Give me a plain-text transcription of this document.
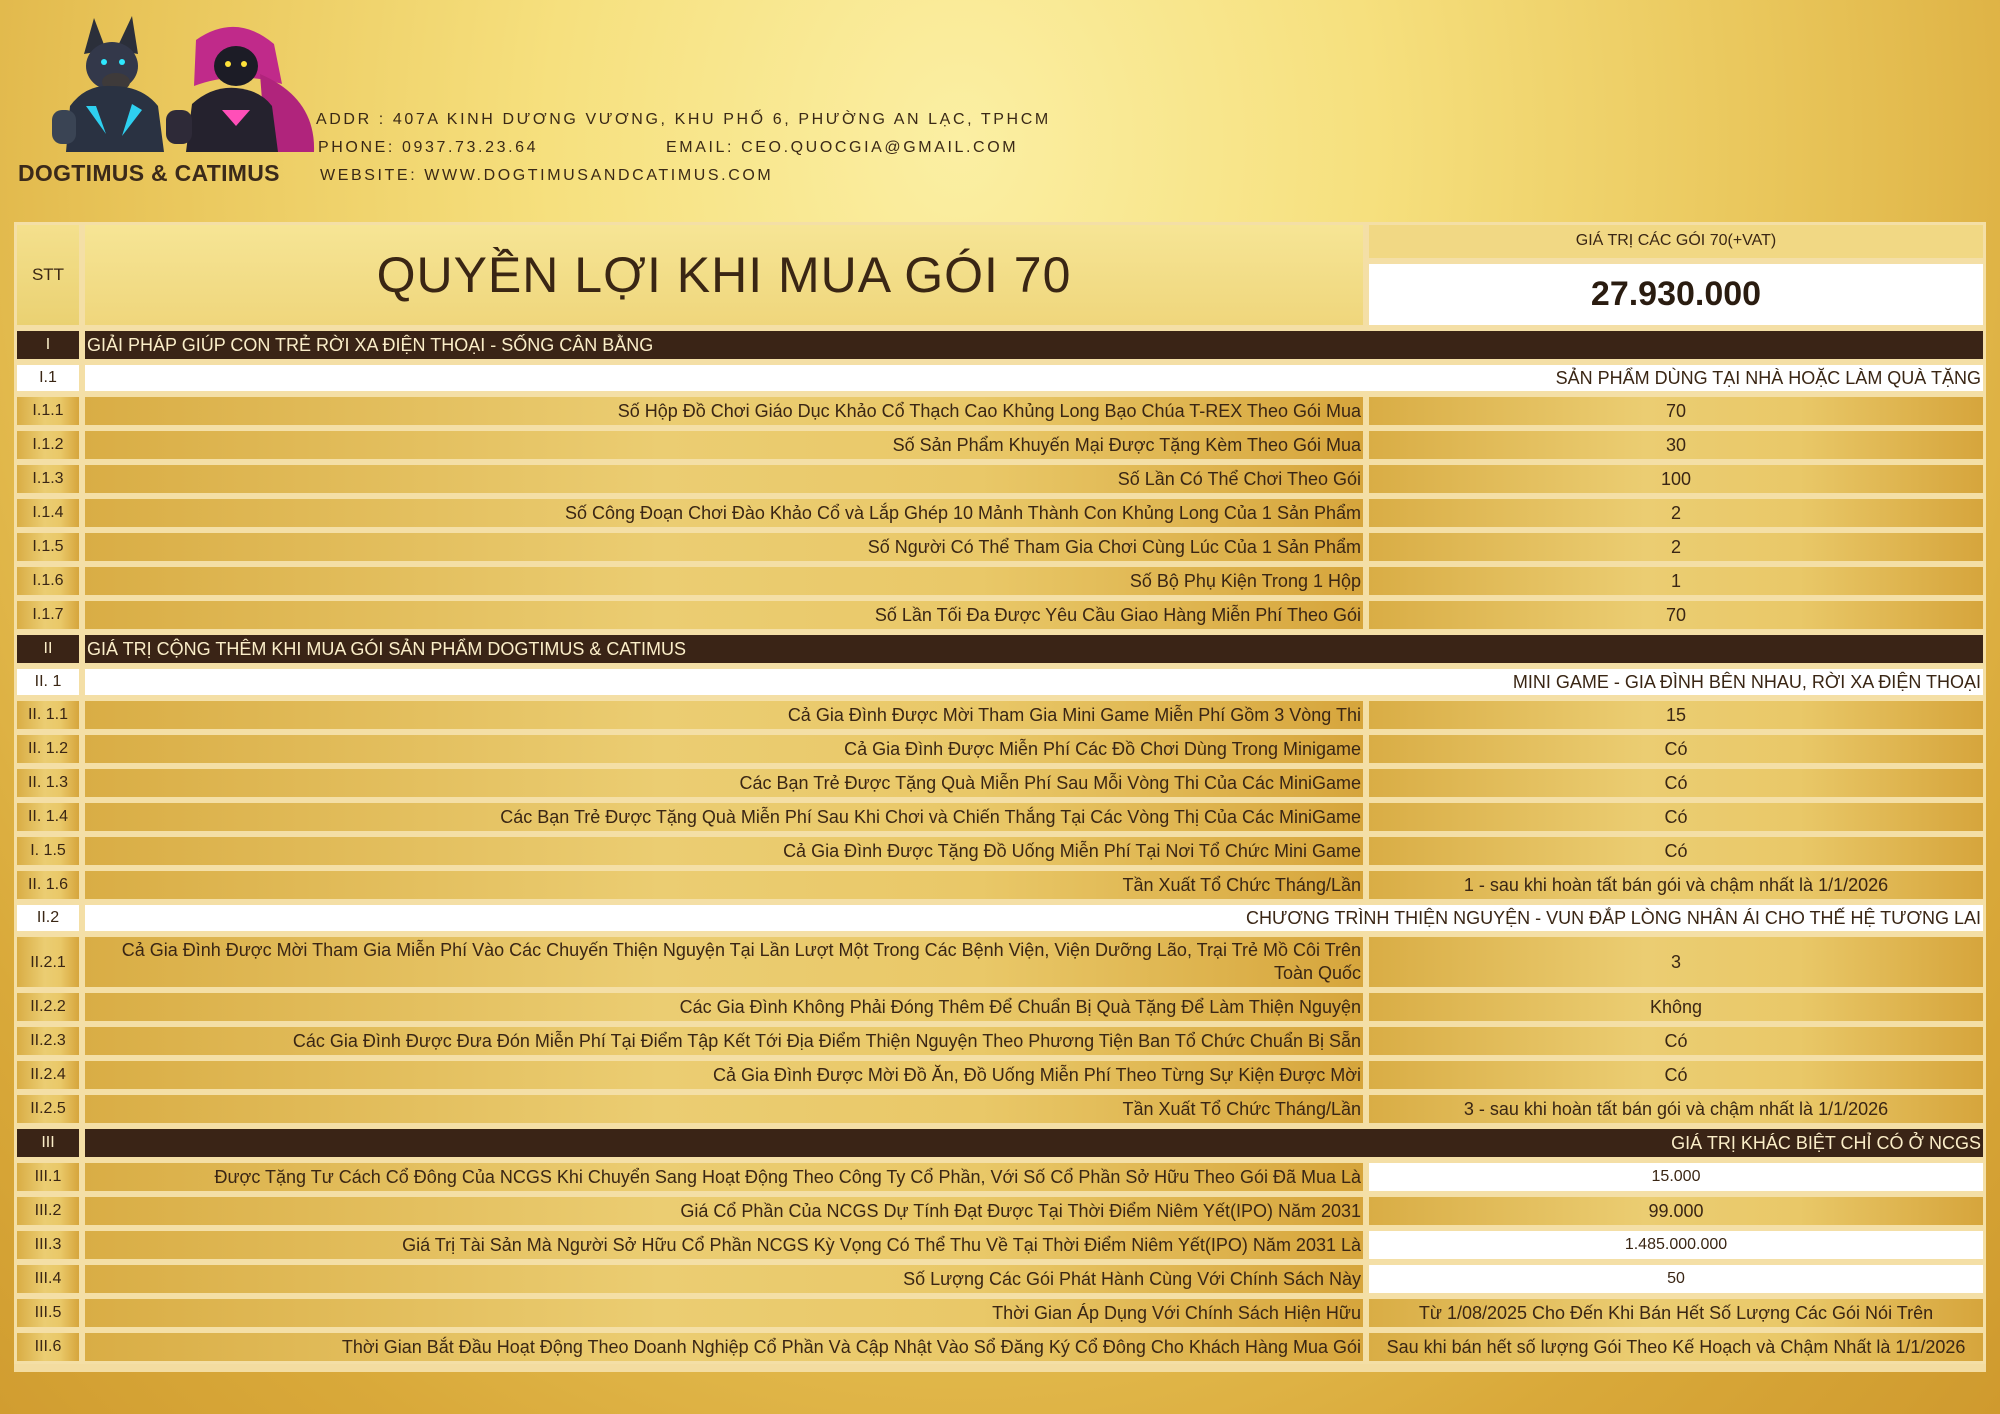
DOGTIMUS & CATIMUS
ADDR : 407A KINH DƯƠNG VƯƠNG, KHU PHỐ 6, PHƯỜNG AN LẠC, TPHCM
PHONE: 0937.73.23.64	EMAIL: CEO.QUOCGIA@GMAIL.COM
WEBSITE: WWW.DOGTIMUSANDCATIMUS.COM
STT	QUYỀN LỢI KHI MUA GÓI 70	GIÁ TRỊ CÁC GÓI 70(+VAT)
		27.930.000
I	GIẢI PHÁP GIÚP CON TRẺ RỜI XA ĐIỆN THOẠI - SỐNG CÂN BẰNG	
I.1	SẢN PHẨM DÙNG TẠI NHÀ HOẶC LÀM QUÀ TẶNG	
I.1.1	Số Hộp Đồ Chơi Giáo Dục Khảo Cổ Thạch Cao Khủng Long Bạo Chúa T-REX Theo Gói Mua	70
I.1.2	Số Sản Phẩm Khuyến Mại Được Tặng Kèm Theo Gói Mua	30
I.1.3	Số Lần Có Thể Chơi Theo Gói	100
I.1.4	Số Công Đoạn Chơi Đào Khảo Cổ và Lắp Ghép 10 Mảnh Thành Con Khủng Long Của 1 Sản Phẩm	2
I.1.5	Số Người Có Thể Tham Gia Chơi Cùng Lúc Của 1 Sản Phẩm	2
I.1.6	Số Bộ Phụ Kiện Trong 1 Hộp	1
I.1.7	Số Lần Tối Đa Được Yêu Cầu Giao Hàng Miễn Phí Theo Gói	70
II	GIÁ TRỊ CỘNG THÊM KHI MUA GÓI SẢN PHẨM DOGTIMUS & CATIMUS	
II. 1	MINI GAME - GIA ĐÌNH BÊN NHAU, RỜI XA ĐIỆN THOẠI	
II. 1.1	Cả Gia Đình Được Mời Tham Gia Mini Game Miễn Phí Gồm 3 Vòng Thi	15
II. 1.2	Cả Gia Đình Được Miễn Phí Các Đồ Chơi Dùng Trong Minigame	Có
II. 1.3	Các Bạn Trẻ Được Tặng Quà Miễn Phí Sau Mỗi Vòng Thi Của Các MiniGame	Có
II. 1.4	Các Bạn Trẻ Được Tặng Quà Miễn Phí Sau Khi Chơi và Chiến Thắng Tại Các Vòng Thị Của Các MiniGame	Có
I. 1.5	Cả Gia Đình Được Tặng Đồ Uống Miễn Phí Tại Nơi Tổ Chức Mini Game	Có
II. 1.6	Tần Xuất Tổ Chức Tháng/Lần	1 - sau khi hoàn tất bán gói và chậm nhất là 1/1/2026
II.2	CHƯƠNG TRÌNH THIỆN NGUYỆN - VUN ĐẮP LÒNG NHÂN ÁI CHO THẾ HỆ TƯƠNG LAI	
II.2.1	Cả Gia Đình Được Mời Tham Gia Miễn Phí Vào Các Chuyến Thiện Nguyện Tại Lần Lượt Một Trong Các Bệnh Viện, Viện Dưỡng Lão, Trại Trẻ Mồ Côi Trên Toàn Quốc	3
II.2.2	Các Gia Đình Không Phải Đóng Thêm Để Chuẩn Bị Quà Tặng Để Làm Thiện Nguyện	Không
II.2.3	Các Gia Đình Được Đưa Đón Miễn Phí Tại Điểm Tập Kết Tới Địa Điểm Thiện Nguyện Theo Phương Tiện Ban Tổ Chức Chuẩn Bị Sẵn	Có
II.2.4	Cả Gia Đình Được Mời Đồ Ăn, Đồ Uống Miễn Phí Theo Từng Sự Kiện Được Mời	Có
II.2.5	Tần Xuất Tổ Chức Tháng/Lần	3 - sau khi hoàn tất bán gói và chậm nhất là 1/1/2026
III	GIÁ TRỊ KHÁC BIỆT CHỈ CÓ Ở NCGS	
III.1	Được Tặng Tư Cách Cổ Đông Của NCGS Khi Chuyển Sang Hoạt Động Theo Công Ty Cổ Phần, Với Số Cổ Phần Sở Hữu Theo Gói Đã Mua Là	15.000
III.2	Giá Cổ Phần Của NCGS Dự Tính Đạt Được Tại Thời Điểm Niêm Yết(IPO) Năm 2031	99.000
III.3	Giá Trị Tài Sản Mà Người Sở Hữu Cổ Phần NCGS Kỳ Vọng Có Thể Thu Về Tại Thời Điểm Niêm Yết(IPO) Năm 2031 Là	1.485.000.000
III.4	Số Lượng Các Gói Phát Hành Cùng Với Chính Sách Này	50
III.5	Thời Gian Áp Dụng Với Chính Sách Hiện Hữu	Từ 1/08/2025 Cho Đến Khi Bán Hết Số Lượng Các Gói Nói Trên
III.6	Thời Gian Bắt Đầu Hoạt Động Theo Doanh Nghiệp Cổ Phần Và Cập Nhật Vào Sổ Đăng Ký Cổ Đông Cho Khách Hàng Mua Gói	Sau khi bán hết số lượng Gói Theo Kế Hoạch và Chậm Nhất là 1/1/2026
